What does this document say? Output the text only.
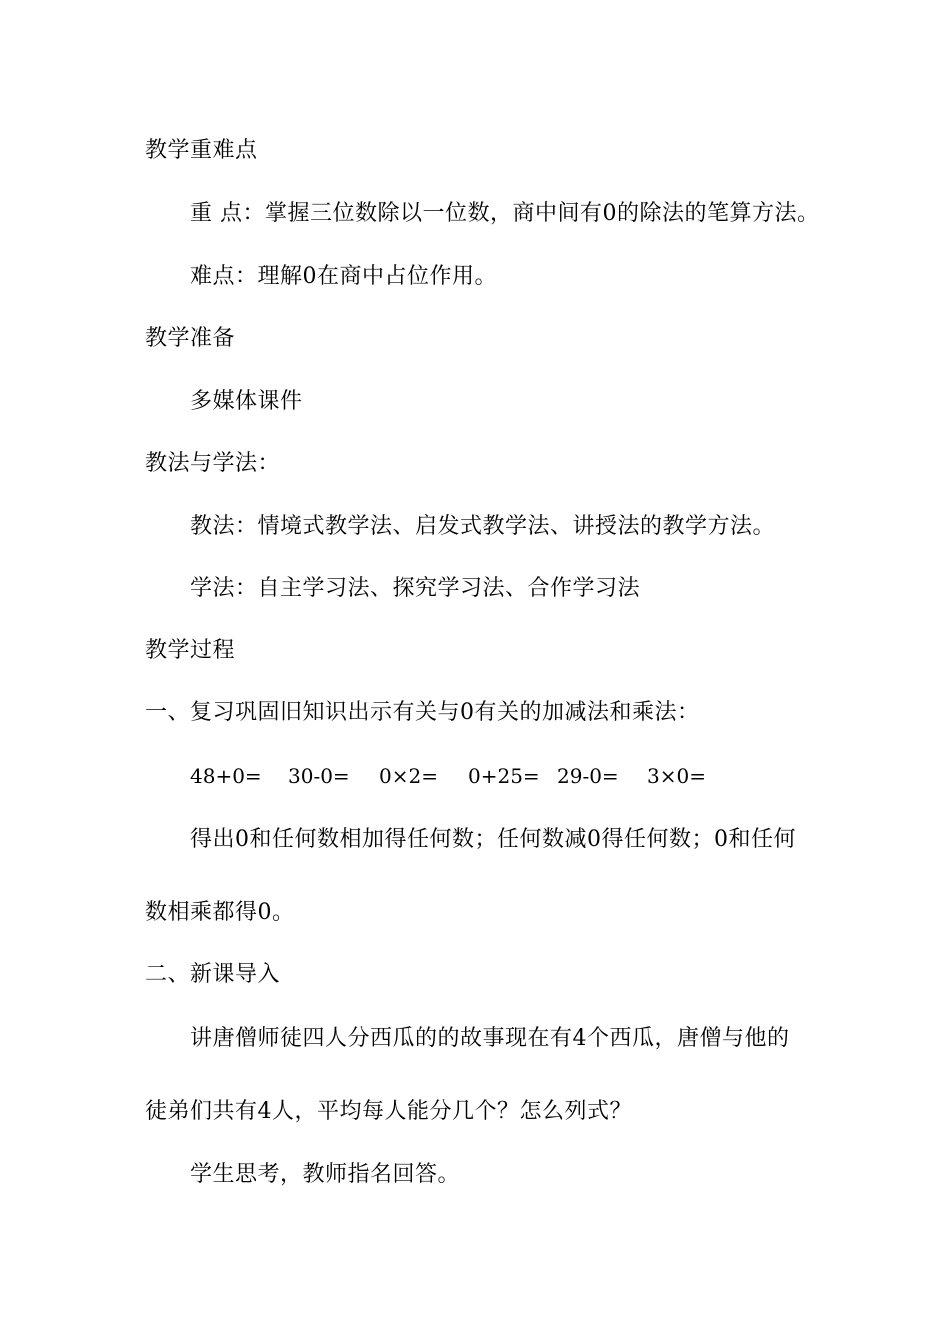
教学重难点
重 点：掌握三位数除以一位数，商中间有0的除法的笔算方法。
难点：理解0在商中占位作用。
教学准备
多媒体课件
教法与学法：
教法：情境式教学法、启发式教学法、讲授法的教学方法。
学法：自主学习法、探究学习法、合作学习法
教学过程
一、复习巩固旧知识出示有关与0有关的加减法和乘法：
48+0= 30-0= 0×2= 0+25= 29-0= 3×0=
得出0和任何数相加得任何数；任何数减0得任何数；0和任何
数相乘都得0。
二、新课导入
讲唐僧师徒四人分西瓜的的故事现在有4个西瓜，唐僧与他的
徒弟们共有4人，平均每人能分几个？怎么列式？
学生思考，教师指名回答。
